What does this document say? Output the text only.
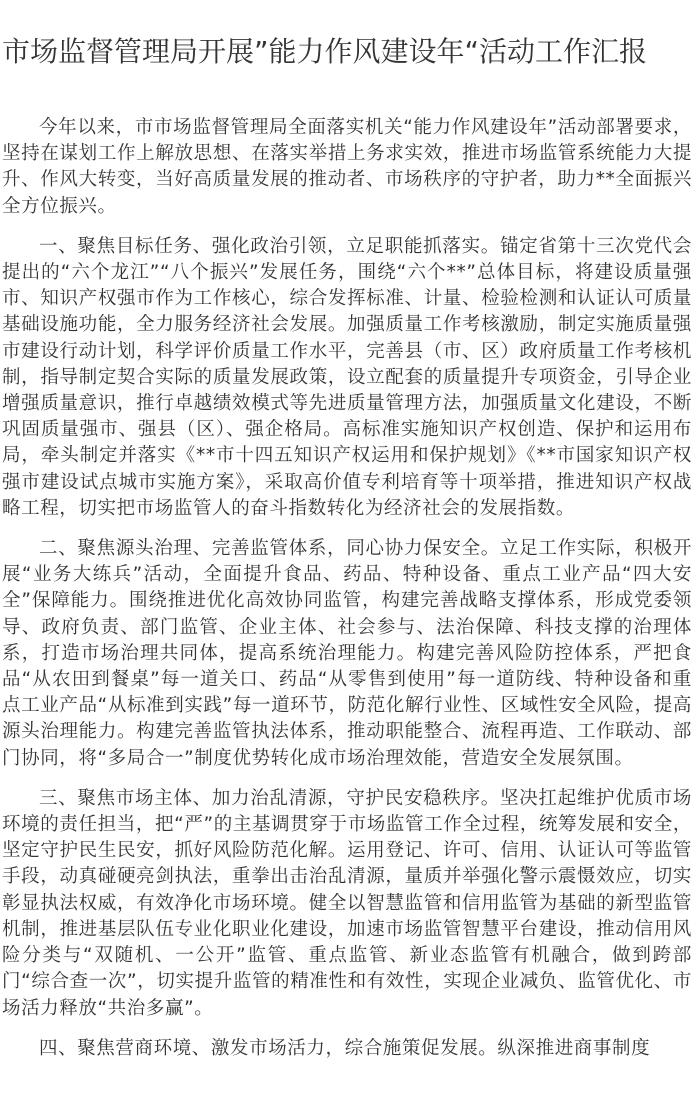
市场监督管理局开展”能力作风建设年“活动工作汇报

今年以来，市市场监督管理局全面落实机关“能力作风建设年”活动部署要求，坚持在谋划工作上解放思想、在落实举措上务求实效，推进市场监管系统能力大提升、作风大转变，当好高质量发展的推动者、市场秩序的守护者，助力**全面振兴全方位振兴。

一、聚焦目标任务、强化政治引领，立足职能抓落实。锚定省第十三次党代会提出的“六个龙江”“八个振兴”发展任务，围绕“六个**”总体目标，将建设质量强市、知识产权强市作为工作核心，综合发挥标准、计量、检验检测和认证认可质量基础设施功能，全力服务经济社会发展。加强质量工作考核激励，制定实施质量强市建设行动计划，科学评价质量工作水平，完善县（市、区）政府质量工作考核机制，指导制定契合实际的质量发展政策，设立配套的质量提升专项资金，引导企业增强质量意识，推行卓越绩效模式等先进质量管理方法，加强质量文化建设，不断巩固质量强市、强县（区）、强企格局。高标准实施知识产权创造、保护和运用布局，牵头制定并落实《**市十四五知识产权运用和保护规划》《**市国家知识产权强市建设试点城市实施方案》，采取高价值专利培育等十项举措，推进知识产权战略工程，切实把市场监管人的奋斗指数转化为经济社会的发展指数。

二、聚焦源头治理、完善监管体系，同心协力保安全。立足工作实际，积极开展“业务大练兵”活动，全面提升食品、药品、特种设备、重点工业产品“四大安全”保障能力。围绕推进优化高效协同监管，构建完善战略支撑体系，形成党委领导、政府负责、部门监管、企业主体、社会参与、法治保障、科技支撑的治理体系，打造市场治理共同体，提高系统治理能力。构建完善风险防控体系，严把食品“从农田到餐桌”每一道关口、药品“从零售到使用”每一道防线、特种设备和重点工业产品“从标准到实践”每一道环节，防范化解行业性、区域性安全风险，提高源头治理能力。构建完善监管执法体系，推动职能整合、流程再造、工作联动、部门协同，将“多局合一”制度优势转化成市场治理效能，营造安全发展氛围。

三、聚焦市场主体、加力治乱清源，守护民安稳秩序。坚决扛起维护优质市场环境的责任担当，把“严”的主基调贯穿于市场监管工作全过程，统筹发展和安全，坚定守护民生民安，抓好风险防范化解。运用登记、许可、信用、认证认可等监管手段，动真碰硬亮剑执法，重拳出击治乱清源，量质并举强化警示震慑效应，切实彰显执法权威，有效净化市场环境。健全以智慧监管和信用监管为基础的新型监管机制，推进基层队伍专业化职业化建设，加速市场监管智慧平台建设，推动信用风险分类与“双随机、一公开”监管、重点监管、新业态监管有机融合，做到跨部门“综合查一次”，切实提升监管的精准性和有效性，实现企业减负、监管优化、市场活力释放“共治多赢”。

四、聚焦营商环境、激发市场活力，综合施策促发展。纵深推进商事制度
